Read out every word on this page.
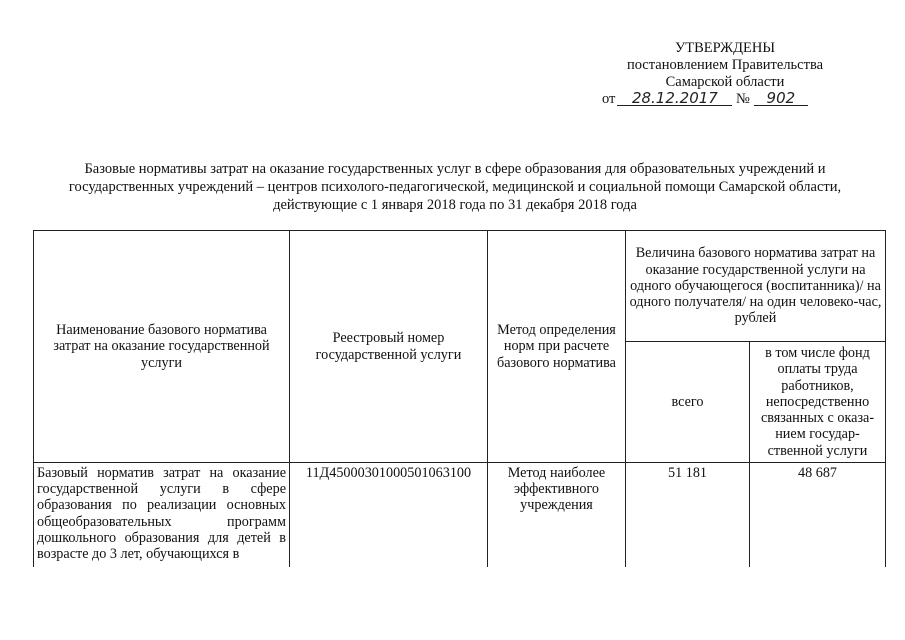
УТВЕРЖДЕНЫ
постановлением Правительства
Самарской области
от 28.12.2017 № 902
Базовые нормативы затрат на оказание государственных услуг в сфере образования для образовательных учреждений и государственных учреждений – центров психолого-педагогической, медицинской и социальной помощи Самарской области, действующие с 1 января 2018 года по 31 декабря 2018 года
Наименование базового норматива затрат на оказание государственной услуги	Реестровый номер государственной услуги	Метод определения норм при расчете базового норматива	Величина базового норматива затрат на оказание государственной услуги на одного обучающегося (воспитанника)/ на одного получателя/ на один человеко-час, рублей	
			всего	в том числе фонд оплаты труда работников, непосредственно связанных с оказа-нием государ-ственной услуги
Базовый норматив затрат на оказание государственной услуги в сфере образования по реализации основных общеобразовательных программ дошкольного образования для детей в возрасте до 3 лет, обучающихся в	11Д45000301000501063100	Метод наиболее эффективного учреждения	51 181	48 687
